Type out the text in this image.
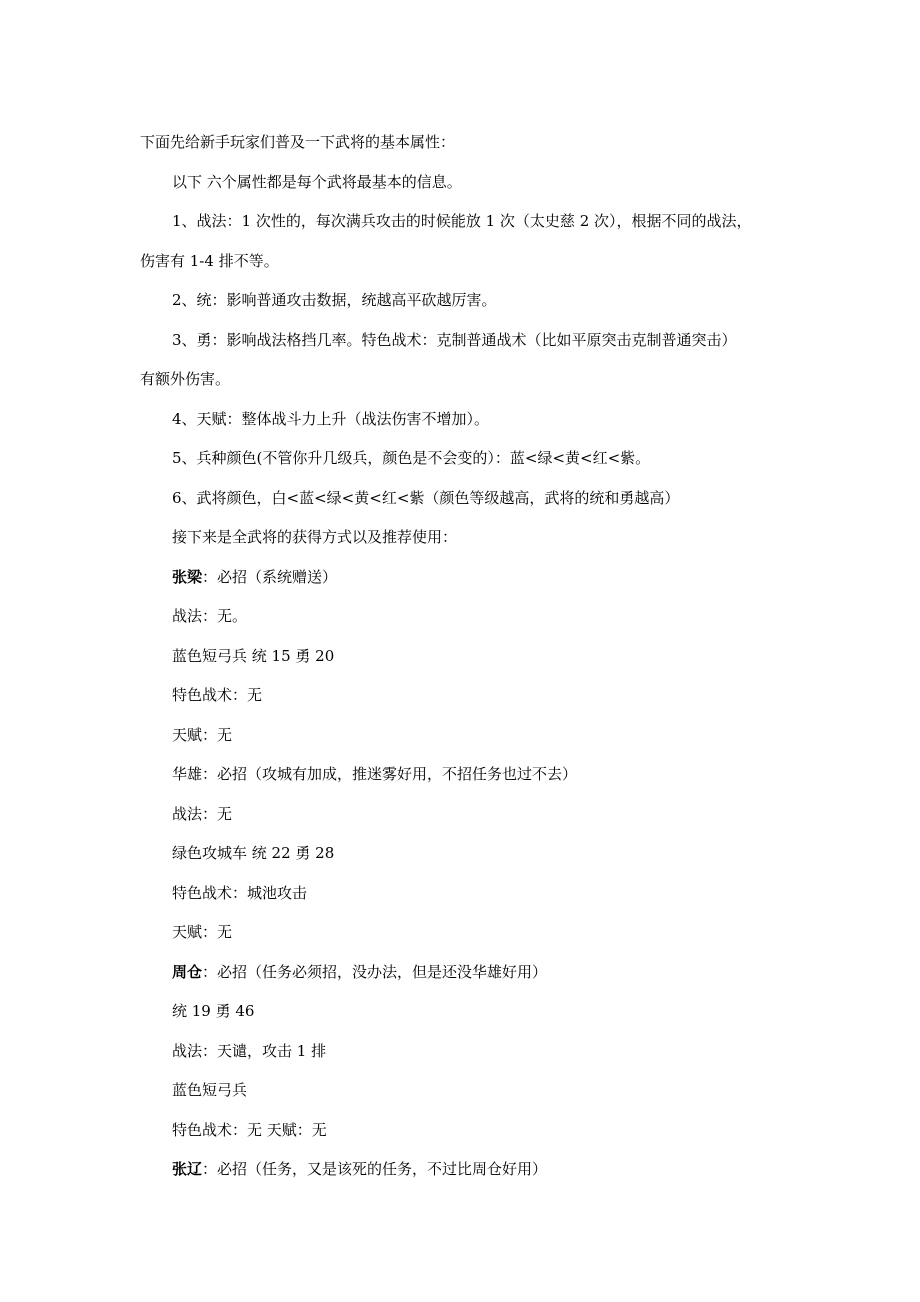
下面先给新手玩家们普及一下武将的基本属性：
以下 六个属性都是每个武将最基本的信息。
1、战法：1 次性的，每次满兵攻击的时候能放 1 次（太史慈 2 次），根据不同的战法，
伤害有 1-4 排不等。
2、统：影响普通攻击数据，统越高平砍越厉害。
3、勇：影响战法格挡几率。特色战术：克制普通战术（比如平原突击克制普通突击）
有额外伤害。
4、天赋：整体战斗力上升（战法伤害不增加）。
5、兵种颜色(不管你升几级兵，颜色是不会变的）：蓝<绿<黄<红<紫。
6、武将颜色，白<蓝<绿<黄<红<紫（颜色等级越高，武将的统和勇越高）
接下来是全武将的获得方式以及推荐使用：
张梁：必招（系统赠送）
战法：无。
蓝色短弓兵 统 15 勇 20
特色战术：无
天赋：无
华雄：必招（攻城有加成，推迷雾好用，不招任务也过不去）
战法：无
绿色攻城车 统 22 勇 28
特色战术：城池攻击
天赋：无
周仓：必招（任务必须招，没办法，但是还没华雄好用）
统 19 勇 46
战法：天谴，攻击 1 排
蓝色短弓兵
特色战术：无 天赋：无
张辽：必招（任务，又是该死的任务，不过比周仓好用）
